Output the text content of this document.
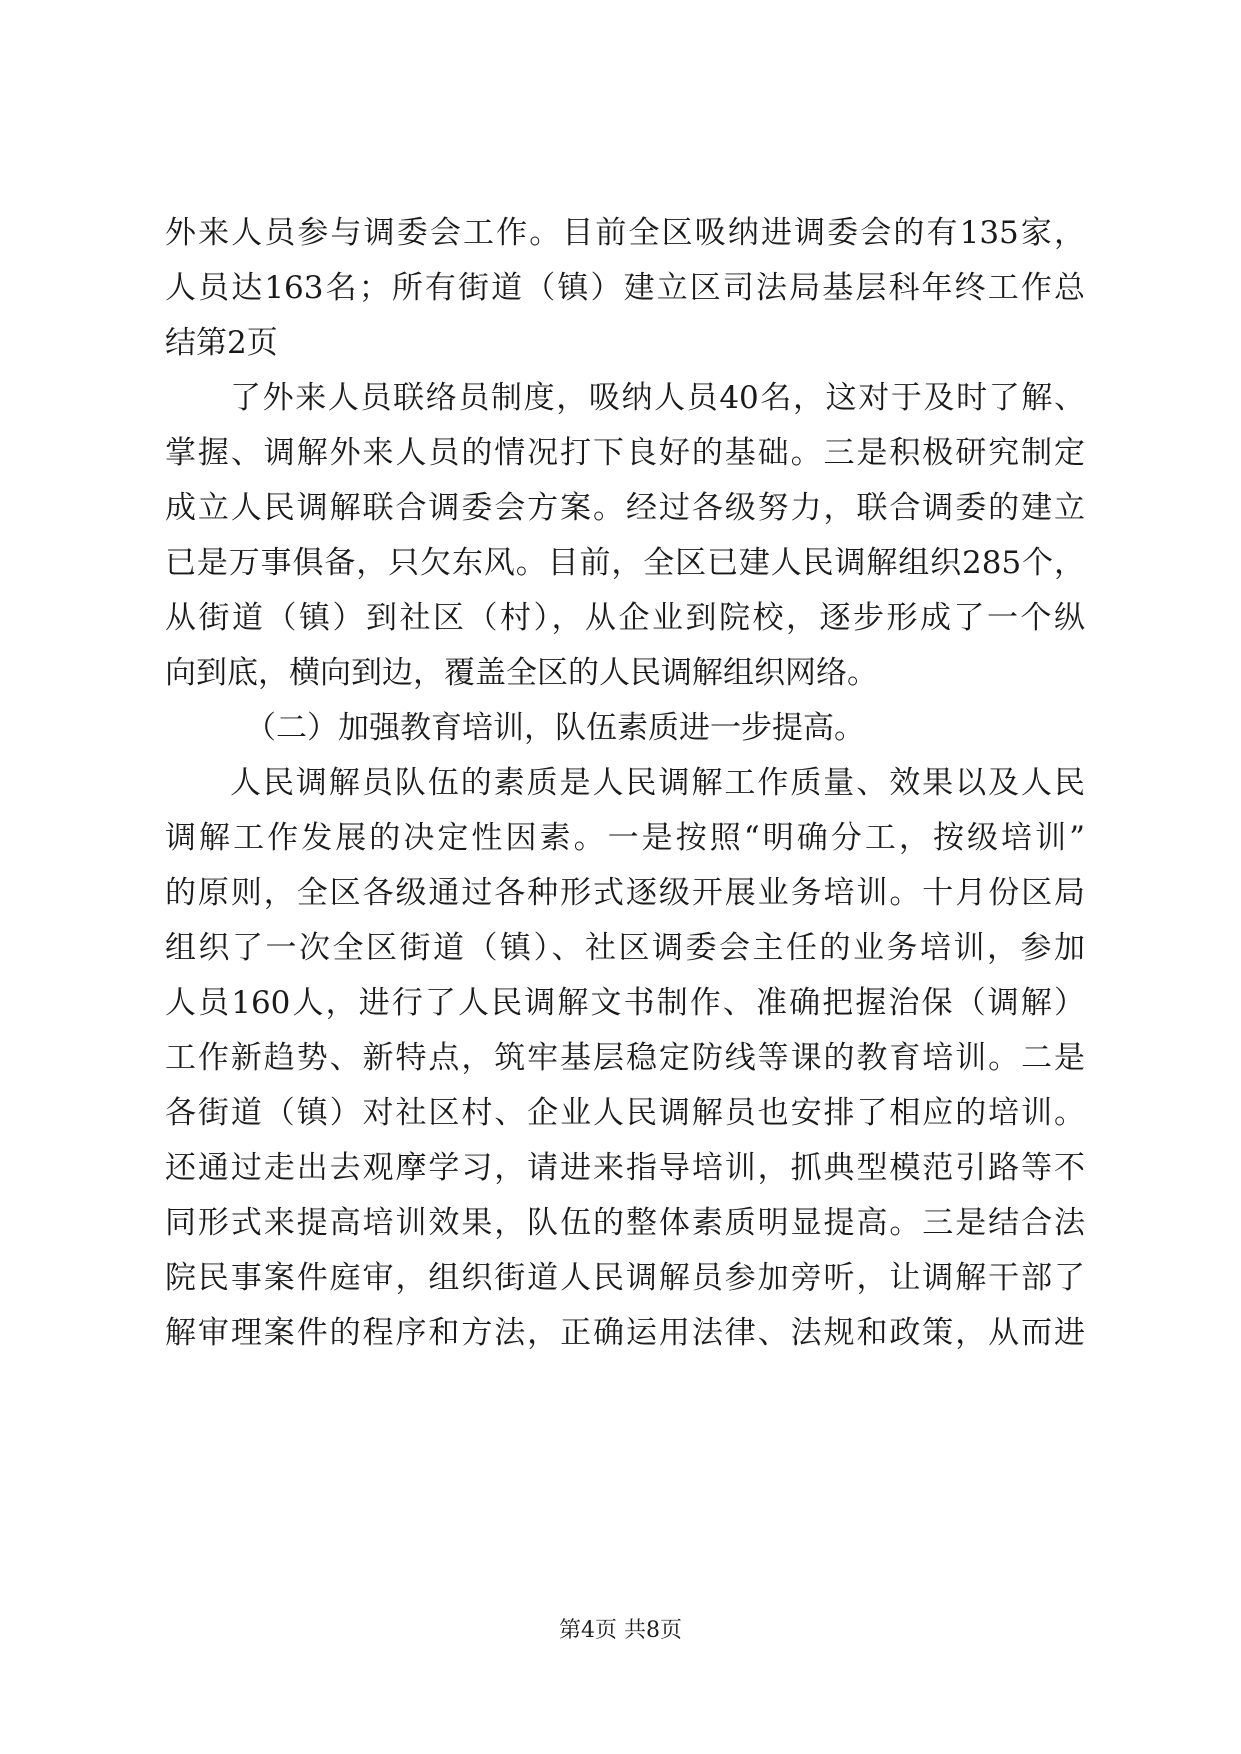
外来人员参与调委会工作。目前全区吸纳进调委会的有135家，
人员达163名；所有街道（镇）建立区司法局基层科年终工作总
结第2页
了外来人员联络员制度，吸纳人员40名，这对于及时了解、
掌握、调解外来人员的情况打下良好的基础。三是积极研究制定
成立人民调解联合调委会方案。经过各级努力，联合调委的建立
已是万事俱备，只欠东风。目前，全区已建人民调解组织285个，
从街道（镇）到社区（村），从企业到院校，逐步形成了一个纵
向到底，横向到边，覆盖全区的人民调解组织网络。
（二）加强教育培训，队伍素质进一步提高。
人民调解员队伍的素质是人民调解工作质量、效果以及人民
调解工作发展的决定性因素。一是按照“明确分工，按级培训”
的原则，全区各级通过各种形式逐级开展业务培训。十月份区局
组织了一次全区街道（镇）、社区调委会主任的业务培训，参加
人员160人，进行了人民调解文书制作、准确把握治保（调解）
工作新趋势、新特点，筑牢基层稳定防线等课的教育培训。二是
各街道（镇）对社区村、企业人民调解员也安排了相应的培训。
还通过走出去观摩学习，请进来指导培训，抓典型模范引路等不
同形式来提高培训效果，队伍的整体素质明显提高。三是结合法
院民事案件庭审，组织街道人民调解员参加旁听，让调解干部了
解审理案件的程序和方法，正确运用法律、法规和政策，从而进
第4页 共8页
